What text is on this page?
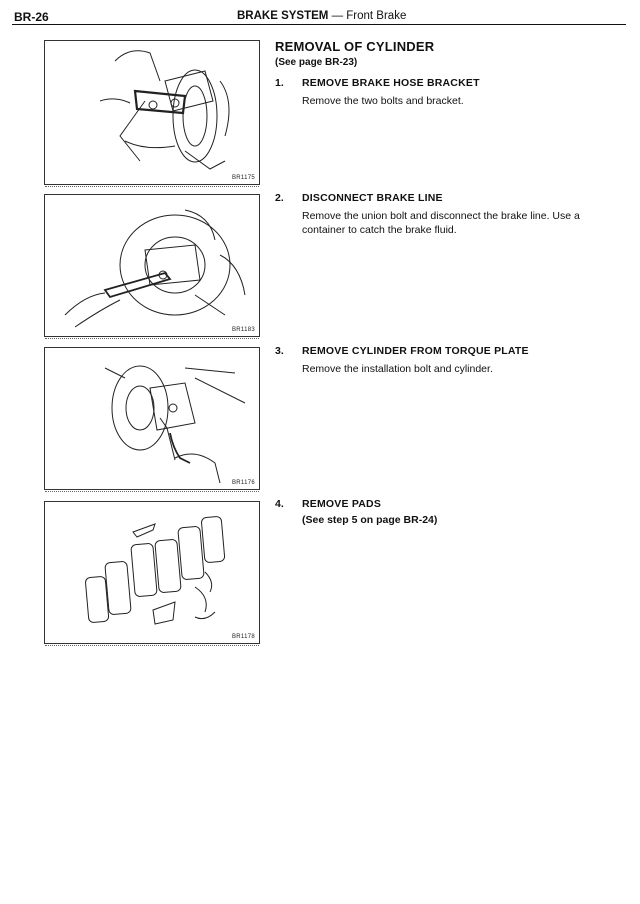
BR-26	BRAKE SYSTEM — Front Brake
BR1175
BR1183
BR1176
BR1178
REMOVAL OF CYLINDER
(See page BR-23)
1. REMOVE BRAKE HOSE BRACKET
Remove the two bolts and bracket.
2. DISCONNECT BRAKE LINE
Remove the union bolt and disconnect the brake line. Use a container to catch the brake fluid.
3. REMOVE CYLINDER FROM TORQUE PLATE
Remove the installation bolt and cylinder.
4. REMOVE PADS
(See step 5 on page BR-24)
